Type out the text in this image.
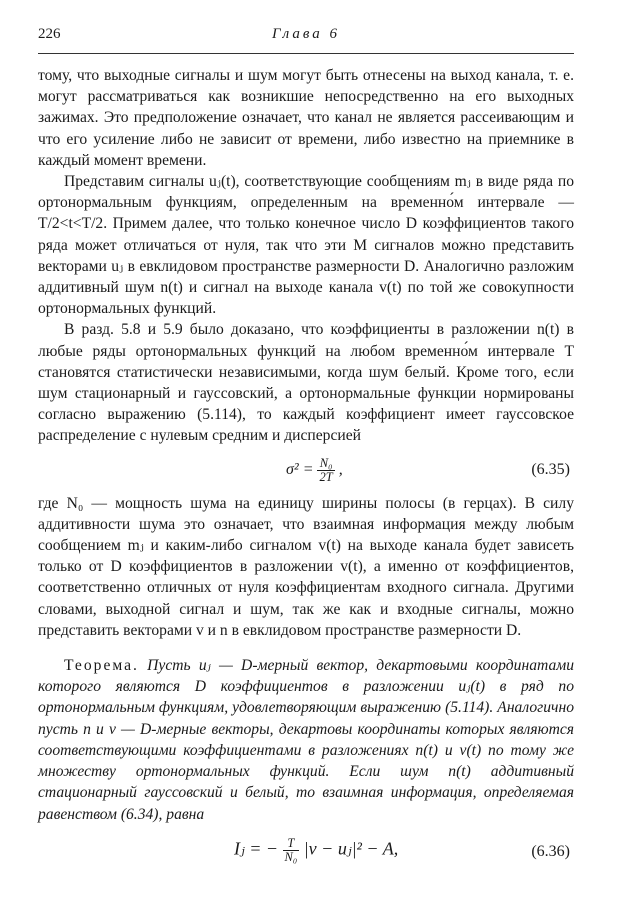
226	Глава 6

тому, что выходные сигналы и шум могут быть отнесены на выход канала, т. е. могут рассматриваться как возникшие непосредственно на его выходных зажимах. Это предположение означает, что канал не является рассеивающим и что его усиление либо не зависит от времени, либо известно на приемнике в каждый момент времени.

Представим сигналы uⱼ(t), соответствующие сообщениям mⱼ в виде ряда по ортонормальным функциям, определенным на временно́м интервале —T/2<t<T/2. Примем далее, что только конечное число D коэффициентов такого ряда может отличаться от нуля, так что эти M сигналов можно представить векторами uⱼ в евклидовом пространстве размерности D. Аналогично разложим аддитивный шум n(t) и сигнал на выходе канала v(t) по той же совокупности ортонормальных функций.

В разд. 5.8 и 5.9 было доказано, что коэффициенты в разложении n(t) в любые ряды ортонормальных функций на любом временно́м интервале T становятся статистически независимыми, когда шум белый. Кроме того, если шум стационарный и гауссовский, а ортонормальные функции нормированы согласно выражению (5.114), то каждый коэффициент имеет гауссовское распределение с нулевым средним и дисперсией

$\sigma^2 = \frac{\text{N₀}}{2T}$ ,	(6.35)

где N₀ — мощность шума на единицу ширины полосы (в герцах). В силу аддитивности шума это означает, что взаимная информация между любым сообщением mⱼ и каким-либо сигналом v(t) на выходе канала будет зависеть только от D коэффициентов в разложении v(t), а именно от коэффициентов, соответственно отличных от нуля коэффициентам входного сигнала. Другими словами, выходной сигнал и шум, так же как и входные сигналы, можно представить векторами v и n в евклидовом пространстве размерности D.

Теорема. Пусть uⱼ — D-мерный вектор, декартовыми координатами которого являются D коэффициентов в разложении uⱼ(t) в ряд по ортонормальным функциям, удовлетворяющим выражению (5.114). Аналогично пусть n и v — D-мерные векторы, декартовы координаты которых являются соответствующими коэффициентами в разложениях n(t) и v(t) по тому же множеству ортонормальных функций. Если шум n(t) аддитивный стационарный гауссовский и белый, то взаимная информация, определяемая равенством (6.34), равна

Iⱼ = − $\frac{T}{\text{N₀}} |v$ − uⱼ|² − A,	(6.36)
